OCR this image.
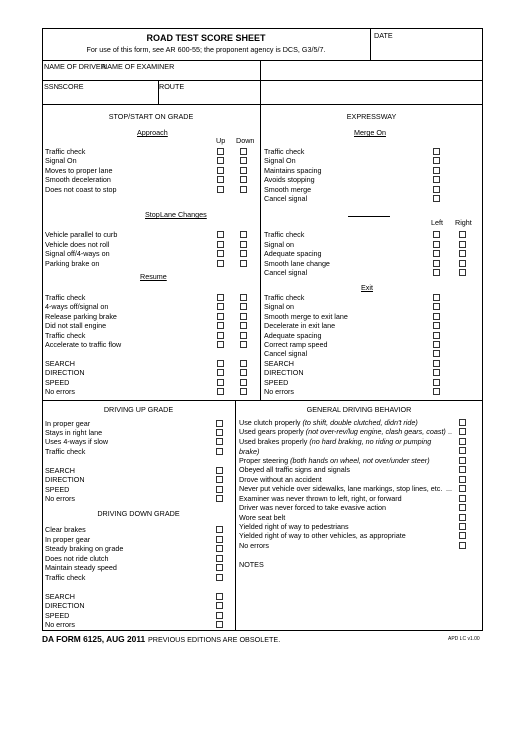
ROAD TEST SCORE SHEET
For use of this form, see AR 600-55; the proponent agency is DCS, G3/5/7.
DATE
NAME OF DRIVER
NAME OF EXAMINER
SSN SCORE	ROUTE
STOP/START ON GRADE	EXPRESSWAY
Approach
Up Down
Traffic check
Signal On
Moves to proper lane
Smooth deceleration
Does not coast to stop
Stop
Vehicle parallel to curb
Vehicle does not roll
Signal off/4-ways on
Parking brake on
Resume
Traffic check
4-ways off/signal on
Release parking brake
Did not stall engine
Traffic check
Accelerate to traffic flow
SEARCH
DIRECTION
SPEED
No errors
Merge On
Traffic check
Signal On
Maintains spacing
Avoids stopping
Smooth merge
Cancel signal
Lane Changes
Left Right
Traffic check
Signal on
Adequate spacing
Smooth lane change
Cancel signal
Exit
Traffic check
Signal on
Smooth merge to exit lane
Decelerate in exit lane
Adequate spacing
Correct ramp speed
Cancel signal
SEARCH
DIRECTION
SPEED
No errors
DRIVING UP GRADE
In proper gear
Stays in right lane
Uses 4-ways if slow
Traffic check
SEARCH
DIRECTION
SPEED
No errors
DRIVING DOWN GRADE
Clear brakes
In proper gear
Steady braking on grade
Does not ride clutch
Maintain steady speed
Traffic check
SEARCH
DIRECTION
SPEED
No errors
GENERAL DRIVING BEHAVIOR
Use clutch properly (to shift, double clutched, didn't ride)
Used gears properly (not over-rev/lug engine, clash gears, coast) ..
Used brakes properly (no hard braking, no riding or pumping
brake)
Proper steering (both hands on wheel, not over/under steer)
Obeyed all traffic signs and signals
Drove without an accident
Never put vehicle over sidewalks, lane markings, stop lines, etc. ...
Examiner was never thrown to left, right, or forward
Driver was never forced to take evasive action
Wore seat belt
Yielded right of way to pedestrians
Yielded right of way to other vehicles, as appropriate
No errors
NOTES
DA FORM 6125, AUG 2011 PREVIOUS EDITIONS ARE OBSOLETE.	APD LC v1.00
